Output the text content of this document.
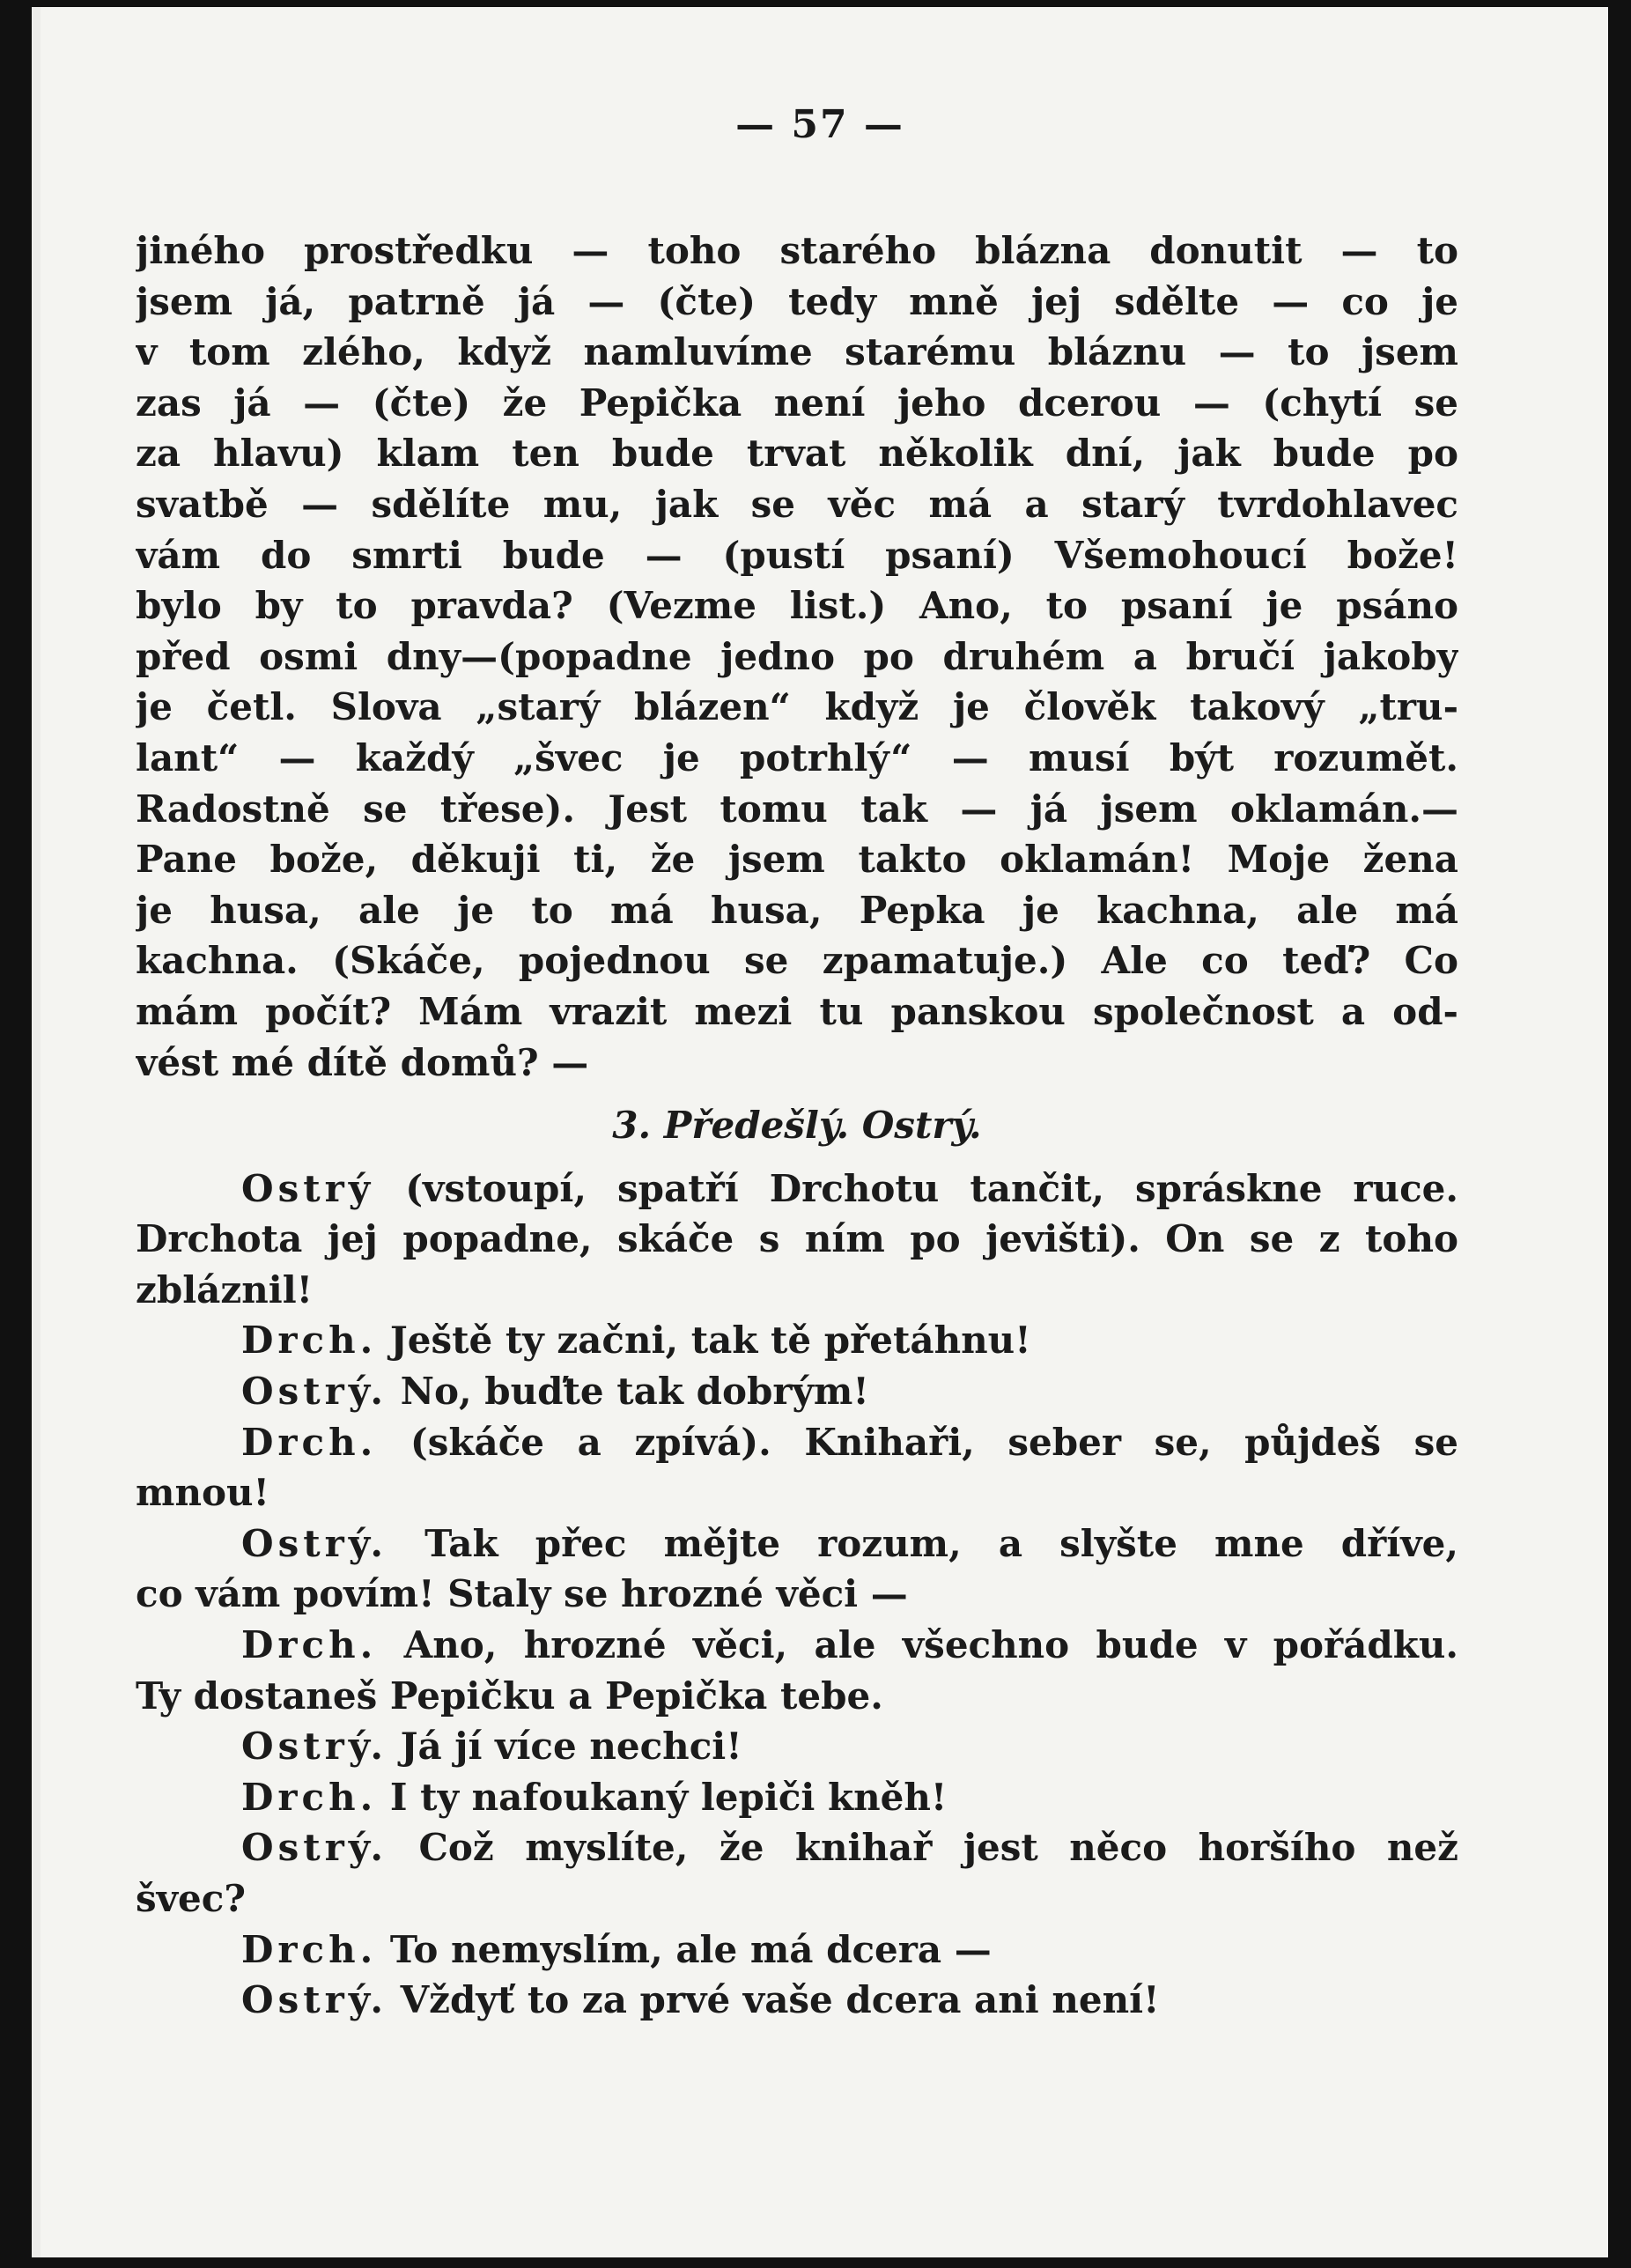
— 57 —
jiného prostředku — toho starého blázna donutit — to
jsem já, patrně já — (čte) tedy mně jej sdělte — co je
v tom zlého, když namluvíme starému bláznu — to jsem
zas já — (čte) že Pepička není jeho dcerou — (chytí se
za hlavu) klam ten bude trvat několik dní, jak bude po
svatbě — sdělíte mu, jak se věc má a starý tvrdohlavec
vám do smrti bude — (pustí psaní) Všemohoucí bože!
bylo by to pravda? (Vezme list.) Ano, to psaní je psáno
před osmi dny—(popadne jedno po druhém a bručí jakoby
je četl. Slova „starý blázen“ když je člověk takový „tru-
lant“ — každý „švec je potrhlý“ — musí být rozumět.
Radostně se třese). Jest tomu tak — já jsem oklamán.—
Pane bože, děkuji ti, že jsem takto oklamán! Moje žena
je husa, ale je to má husa, Pepka je kachna, ale má
kachna. (Skáče, pojednou se zpamatuje.) Ale co teď? Co
mám počít? Mám vrazit mezi tu panskou společnost a od-
vést mé dítě domů? —
3. Předešlý. Ostrý.
Ostrý (vstoupí, spatří Drchotu tančit, spráskne ruce.
Drchota jej popadne, skáče s ním po jevišti). On se z toho
zbláznil!
Drch. Ještě ty začni, tak tě přetáhnu!
Ostrý. No, buďte tak dobrým!
Drch. (skáče a zpívá). Knihaři, seber se, půjdeš se
mnou!
Ostrý. Tak přec mějte rozum, a slyšte mne dříve,
co vám povím! Staly se hrozné věci —
Drch. Ano, hrozné věci, ale všechno bude v pořádku.
Ty dostaneš Pepičku a Pepička tebe.
Ostrý. Já jí více nechci!
Drch. I ty nafoukaný lepiči kněh!
Ostrý. Což myslíte, že knihař jest něco horšího než
švec?
Drch. To nemyslím, ale má dcera —
Ostrý. Vždyť to za prvé vaše dcera ani není!
